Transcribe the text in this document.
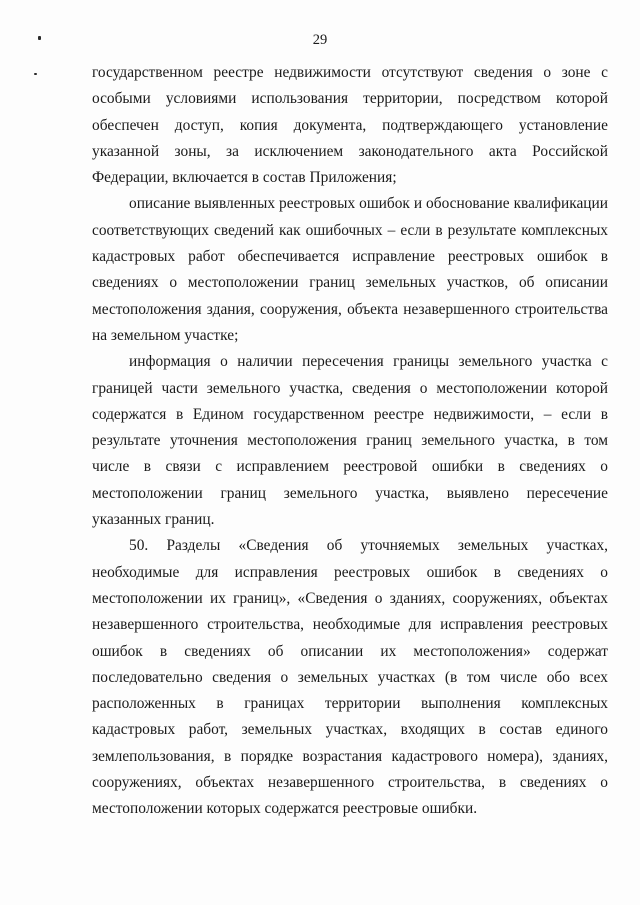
29

государственном реестре недвижимости отсутствуют сведения о зоне с особыми условиями использования территории, посредством которой обеспечен доступ, копия документа, подтверждающего установление указанной зоны, за исключением законодательного акта Российской Федерации, включается в состав Приложения;

описание выявленных реестровых ошибок и обоснование квалификации соответствующих сведений как ошибочных – если в результате комплексных кадастровых работ обеспечивается исправление реестровых ошибок в сведениях о местоположении границ земельных участков, об описании местоположения здания, сооружения, объекта незавершенного строительства на земельном участке;

информация о наличии пересечения границы земельного участка с границей части земельного участка, сведения о местоположении которой содержатся в Едином государственном реестре недвижимости, – если в результате уточнения местоположения границ земельного участка, в том числе в связи с исправлением реестровой ошибки в сведениях о местоположении границ земельного участка, выявлено пересечение указанных границ.

50. Разделы «Сведения об уточняемых земельных участках, необходимые для исправления реестровых ошибок в сведениях о местоположении их границ», «Сведения о зданиях, сооружениях, объектах незавершенного строительства, необходимые для исправления реестровых ошибок в сведениях об описании их местоположения» содержат последовательно сведения о земельных участках (в том числе обо всех расположенных в границах территории выполнения комплексных кадастровых работ, земельных участках, входящих в состав единого землепользования, в порядке возрастания кадастрового номера), зданиях, сооружениях, объектах незавершенного строительства, в сведениях о местоположении которых содержатся реестровые ошибки.
